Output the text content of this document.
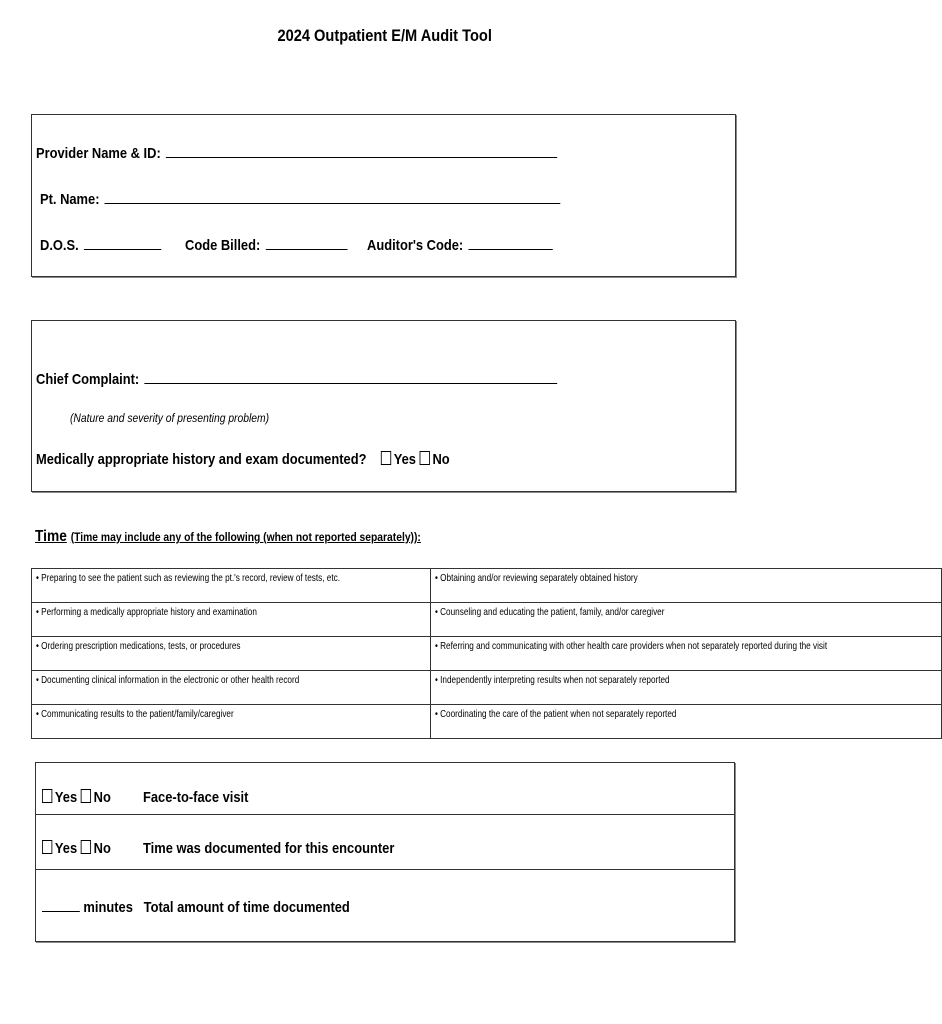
2024 Outpatient E/M Audit Tool
Provider Name & ID:
Pt. Name:
D.O.S.	Code Billed:	Auditor's Code:
Chief Complaint:
(Nature and severity of presenting problem)
Medically appropriate history and exam documented? Yes No
Time (Time may include any of the following (when not reported separately)):
• Preparing to see the patient such as reviewing the pt.'s record, review of tests, etc.	• Obtaining and/or reviewing separately obtained history
• Performing a medically appropriate history and examination	• Counseling and educating the patient, family, and/or caregiver
• Ordering prescription medications, tests, or procedures	• Referring and communicating with other health care providers when not separately reported during the visit
• Documenting clinical information in the electronic or other health record	• Independently interpreting results when not separately reported
• Communicating results to the patient/family/caregiver	• Coordinating the care of the patient when not separately reported
Yes No	Face-to-face visit
Yes No	Time was documented for this encounter
minutes Total amount of time documented
